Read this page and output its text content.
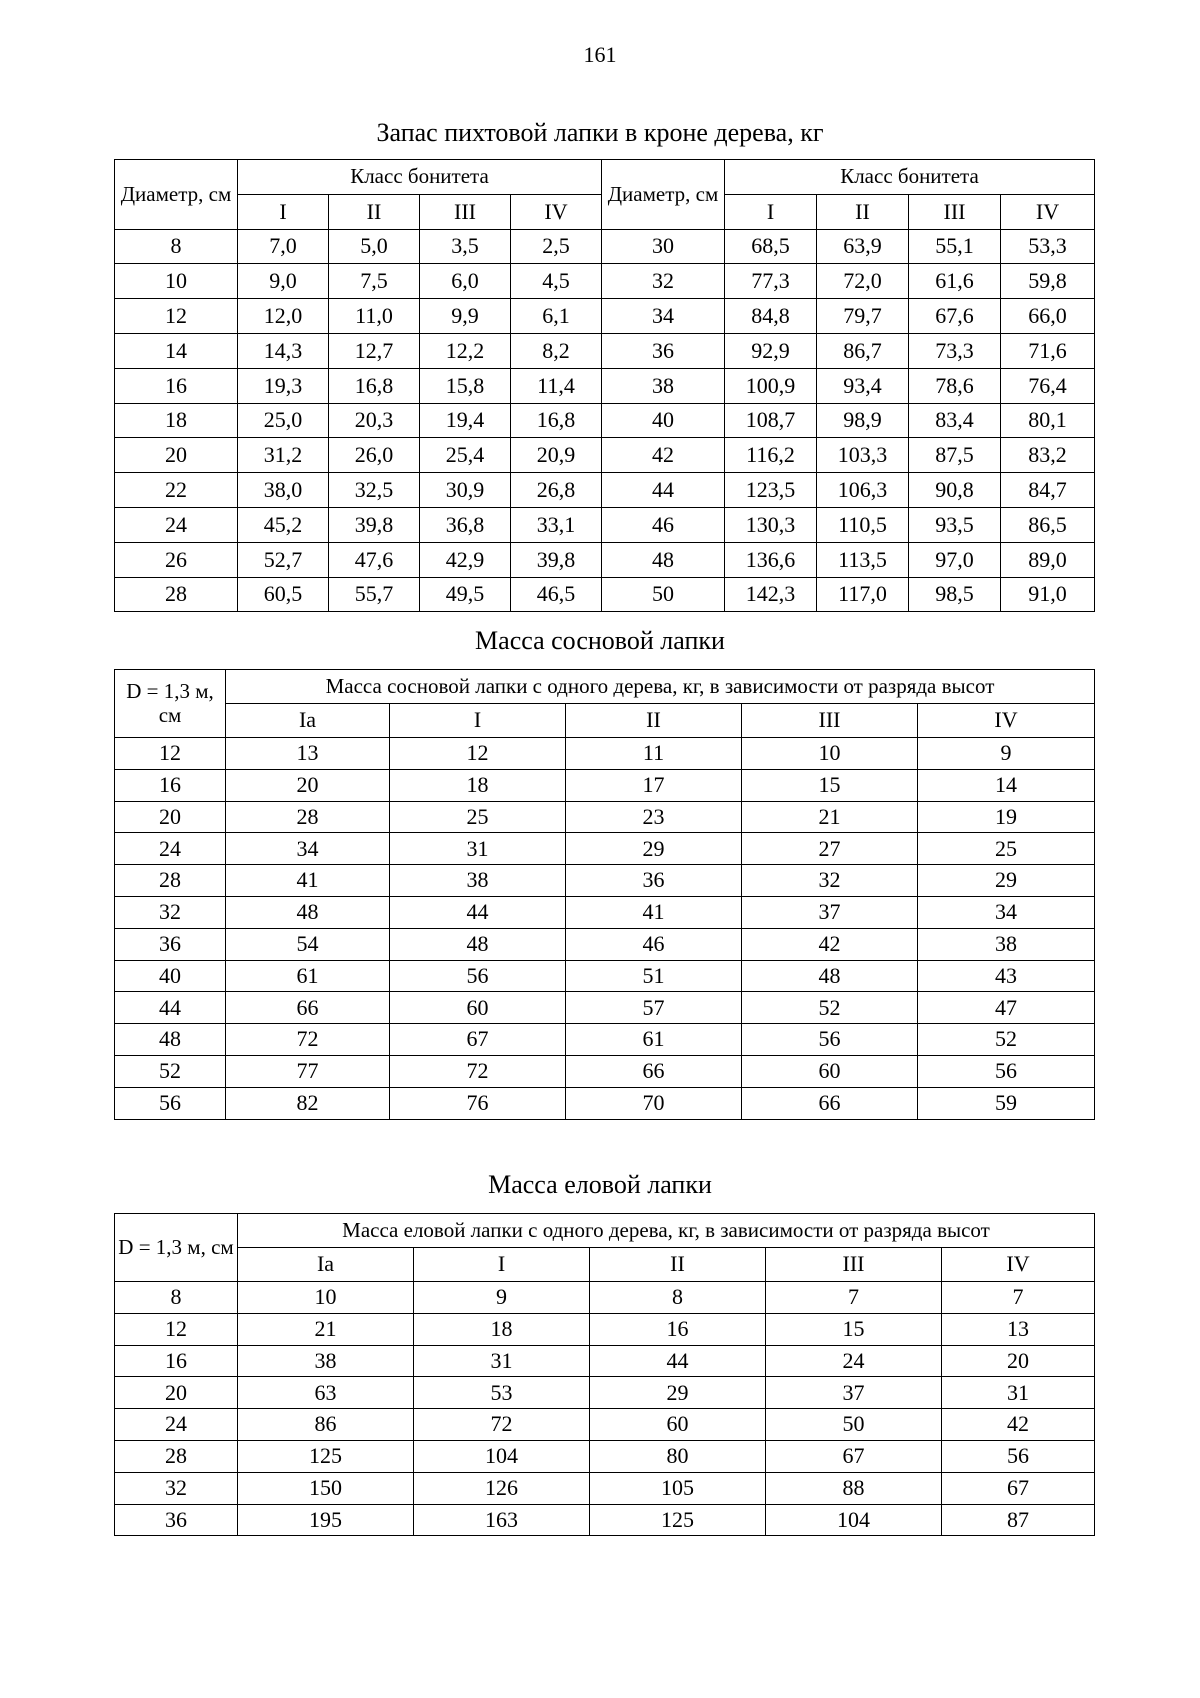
161
Запас пихтовой лапки в кроне дерева, кг
Диаметр, см	Класс бонитета				Диаметр, см	Класс бонитета			
	I	II	III	IV		I	II	III	IV
8	7,0	5,0	3,5	2,5	30	68,5	63,9	55,1	53,3
10	9,0	7,5	6,0	4,5	32	77,3	72,0	61,6	59,8
12	12,0	11,0	9,9	6,1	34	84,8	79,7	67,6	66,0
14	14,3	12,7	12,2	8,2	36	92,9	86,7	73,3	71,6
16	19,3	16,8	15,8	11,4	38	100,9	93,4	78,6	76,4
18	25,0	20,3	19,4	16,8	40	108,7	98,9	83,4	80,1
20	31,2	26,0	25,4	20,9	42	116,2	103,3	87,5	83,2
22	38,0	32,5	30,9	26,8	44	123,5	106,3	90,8	84,7
24	45,2	39,8	36,8	33,1	46	130,3	110,5	93,5	86,5
26	52,7	47,6	42,9	39,8	48	136,6	113,5	97,0	89,0
28	60,5	55,7	49,5	46,5	50	142,3	117,0	98,5	91,0
Масса сосновой лапки
D = 1,3 м, см	Масса сосновой лапки с одного дерева, кг, в зависимости от разряда высот				
	Ia	I	II	III	IV
12	13	12	11	10	9
16	20	18	17	15	14
20	28	25	23	21	19
24	34	31	29	27	25
28	41	38	36	32	29
32	48	44	41	37	34
36	54	48	46	42	38
40	61	56	51	48	43
44	66	60	57	52	47
48	72	67	61	56	52
52	77	72	66	60	56
56	82	76	70	66	59
Масса еловой лапки
D = 1,3 м, см	Масса еловой лапки с одного дерева, кг, в зависимости от разряда высот				
	Ia	I	II	III	IV
8	10	9	8	7	7
12	21	18	16	15	13
16	38	31	44	24	20
20	63	53	29	37	31
24	86	72	60	50	42
28	125	104	80	67	56
32	150	126	105	88	67
36	195	163	125	104	87
